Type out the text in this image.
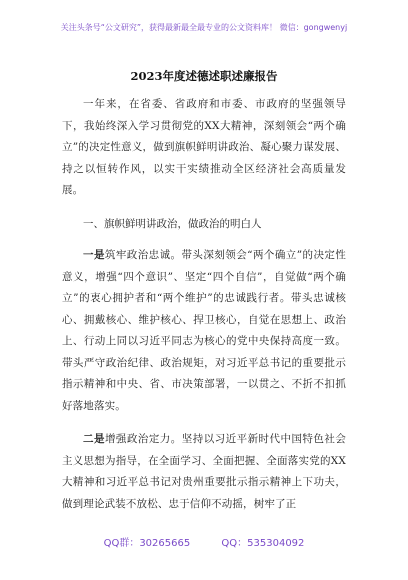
关注头条号“公文研究”，获得最新最全最专业的公文资料库！ 微信：gongwenyj
2023年度述德述职述廉报告

一年来，在省委、省政府和市委、市政府的坚强领导下，我始终深入学习贯彻党的XX大精神，深刻领会“两个确立”的决定性意义，做到旗帜鲜明讲政治、凝心聚力谋发展、持之以恒转作风，以实干实绩推动全区经济社会高质量发展。

一、旗帜鲜明讲政治，做政治的明白人

一是筑牢政治忠诚。带头深刻领会“两个确立”的决定性意义，增强“四个意识”、坚定“四个自信”，自觉做“两个确立”的衷心拥护者和“两个维护”的忠诚践行者。带头忠诚核心、拥戴核心、维护核心、捍卫核心，自觉在思想上、政治上、行动上同以习近平同志为核心的党中央保持高度一致。带头严守政治纪律、政治规矩，对习近平总书记的重要批示指示精神和中央、省、市决策部署，一以贯之、不折不扣抓好落地落实。

二是增强政治定力。坚持以习近平新时代中国特色社会主义思想为指导，在全面学习、全面把握、全面落实党的XX大精神和习近平总书记对贵州重要批示指示精神上下功夫，做到理论武装不放松、忠于信仰不动摇，树牢了正

QQ群：30265665	QQ：535304092
